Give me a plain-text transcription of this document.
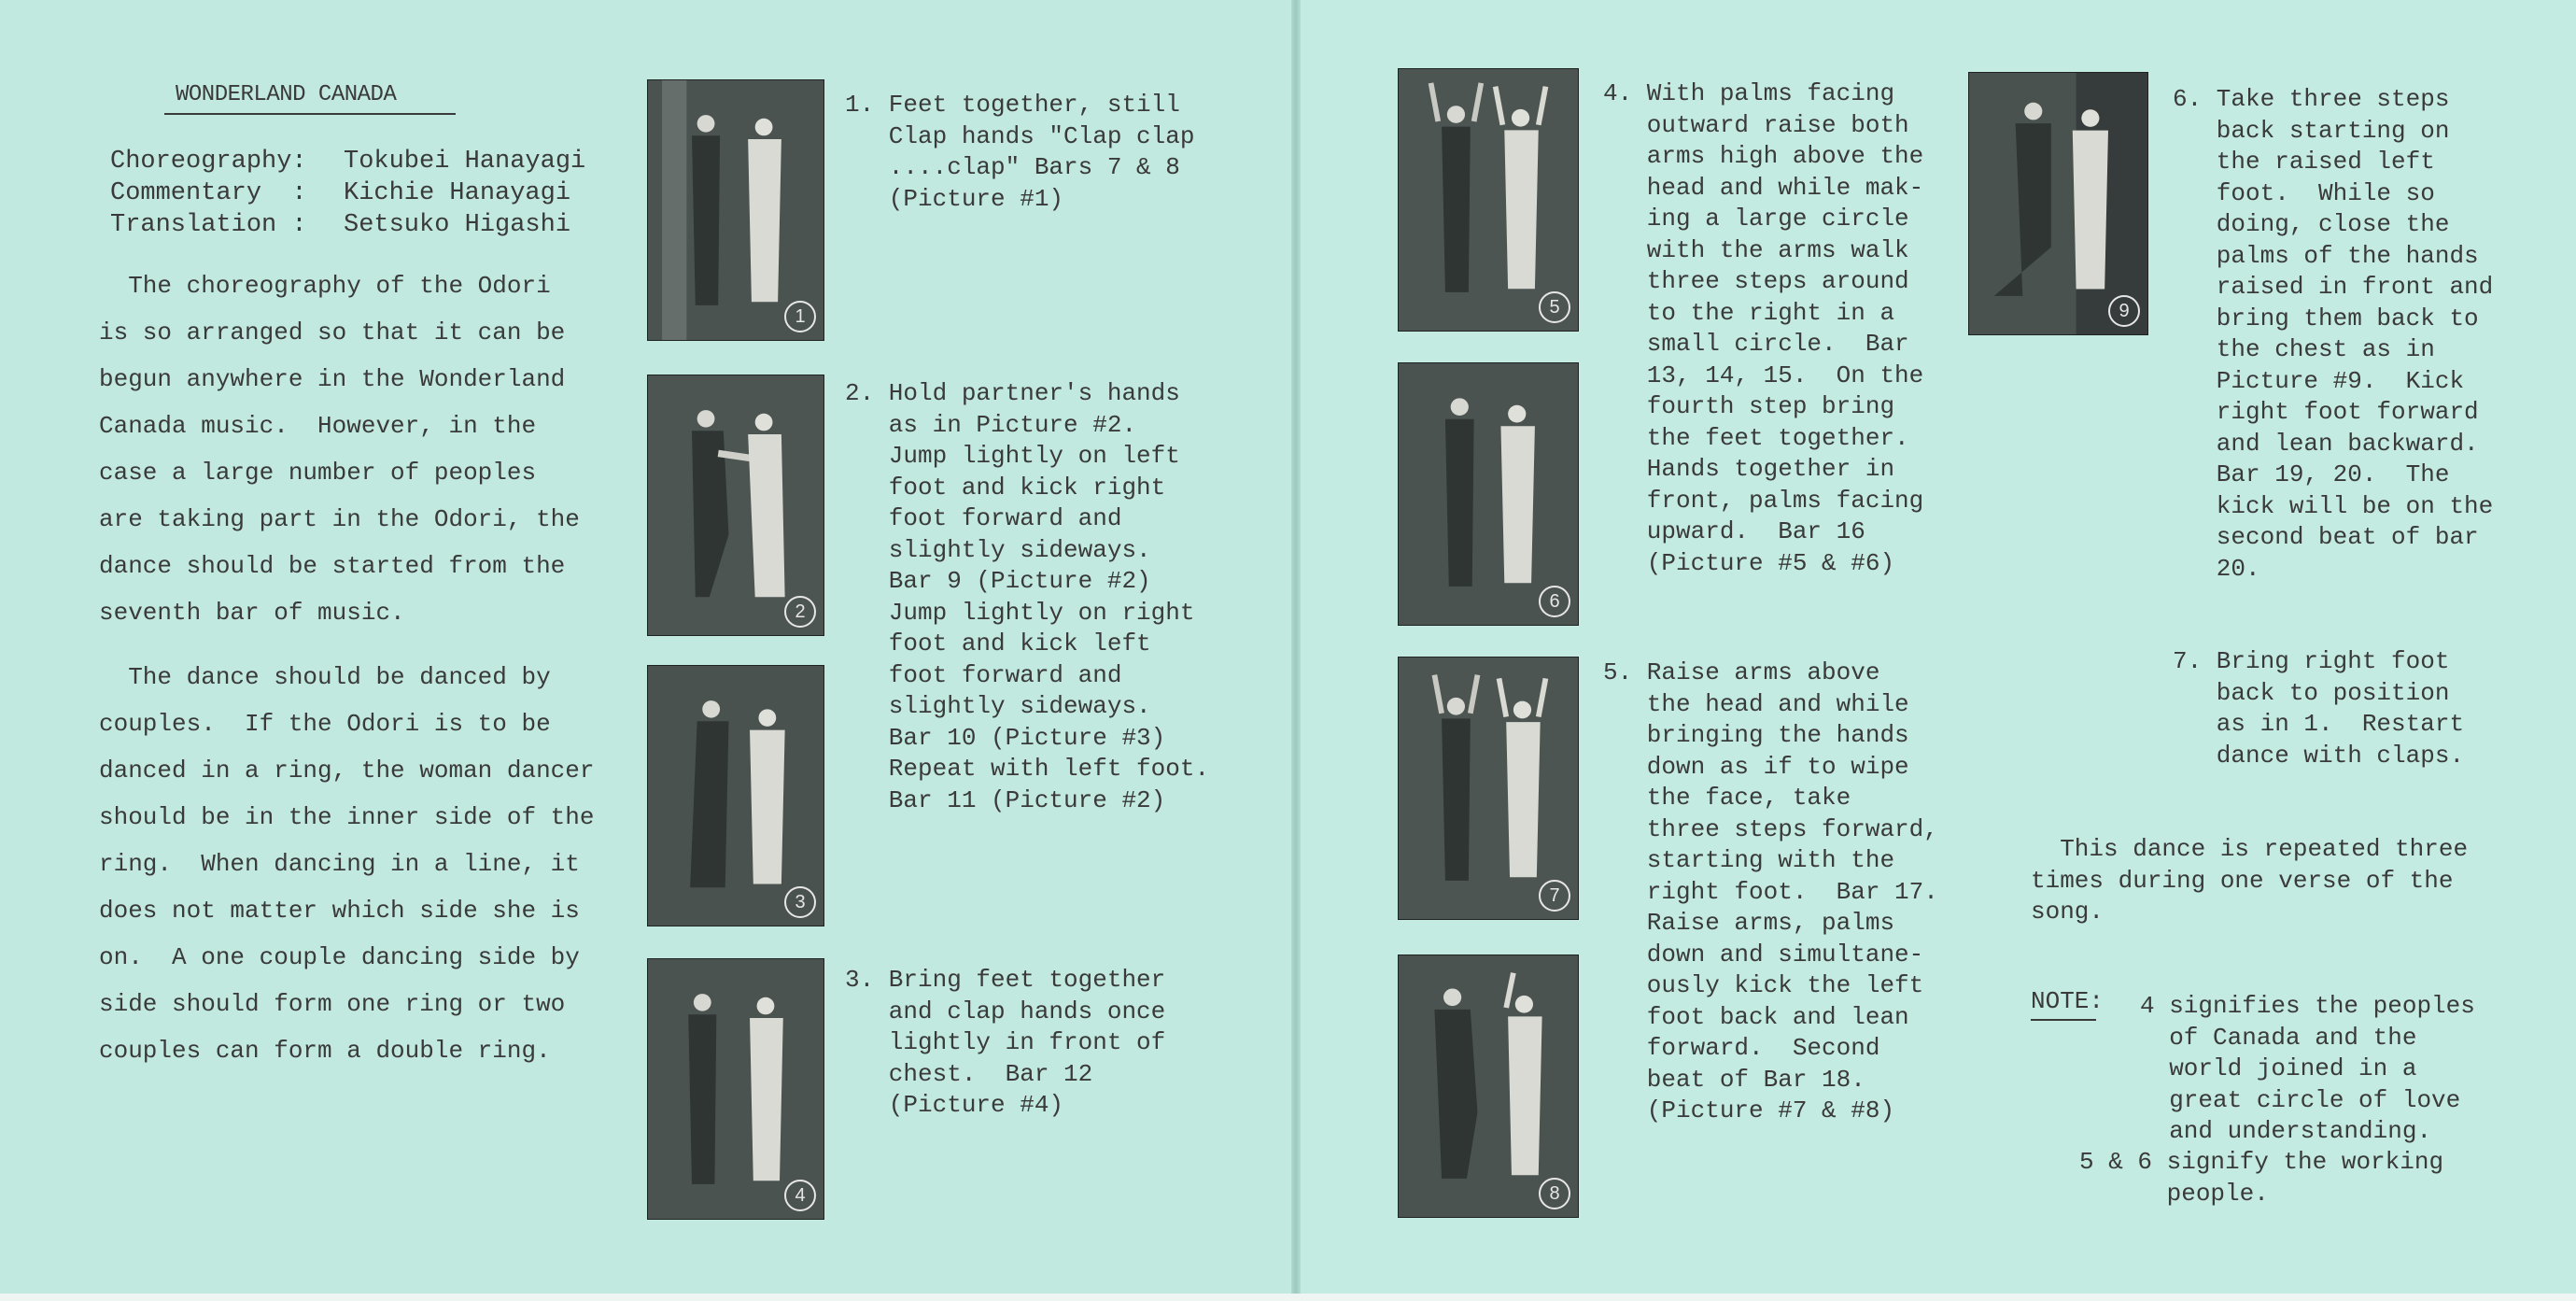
WONDERLAND CANADA
Choreography:	Tokubei Hanayagi
Commentary  :	Kichie Hanayagi
Translation :	Setsuko Higashi
The choreography of the Odori
is so arranged so that it can be
begun anywhere in the Wonderland
Canada music.  However, in the
case a large number of peoples
are taking part in the Odori, the
dance should be started from the
seventh bar of music.
The dance should be danced by
couples.  If the Odori is to be
danced in a ring, the woman dancer
should be in the inner side of the
ring.  When dancing in a line, it
does not matter which side she is
on.  A one couple dancing side by
side should form one ring or two
couples can form a double ring.
1
2
3
4
5
6
7
8
9
1. Feet together, still
Clap hands "Clap clap
....clap" Bars 7 & 8
(Picture #1)
2. Hold partner's hands
as in Picture #2.
Jump lightly on left
foot and kick right
foot forward and
slightly sideways.
Bar 9 (Picture #2)
Jump lightly on right
foot and kick left
foot forward and
slightly sideways.
Bar 10 (Picture #3)
Repeat with left foot.
Bar 11 (Picture #2)
3. Bring feet together
and clap hands once
lightly in front of
chest.  Bar 12
(Picture #4)
4. With palms facing
outward raise both
arms high above the
head and while mak-
ing a large circle
with the arms walk
three steps around
to the right in a
small circle.  Bar
13, 14, 15.  On the
fourth step bring
the feet together.
Hands together in
front, palms facing
upward.  Bar 16
(Picture #5 & #6)
5. Raise arms above
the head and while
bringing the hands
down as if to wipe
the face, take
three steps forward,
starting with the
right foot.  Bar 17.
Raise arms, palms
down and simultane-
ously kick the left
foot back and lean
forward.  Second
beat of Bar 18.
(Picture #7 & #8)
6. Take three steps
back starting on
the raised left
foot.  While so
doing, close the
palms of the hands
raised in front and
bring them back to
the chest as in
Picture #9.  Kick
right foot forward
and lean backward.
Bar 19, 20.  The
kick will be on the
second beat of bar
20.
7. Bring right foot
back to position
as in 1.  Restart
dance with claps.
This dance is repeated three
times during one verse of the
song.
NOTE: 4 signifies the peoples
of Canada and the
world joined in a
great circle of love
and understanding.
5 & 6 signify the working
people.
